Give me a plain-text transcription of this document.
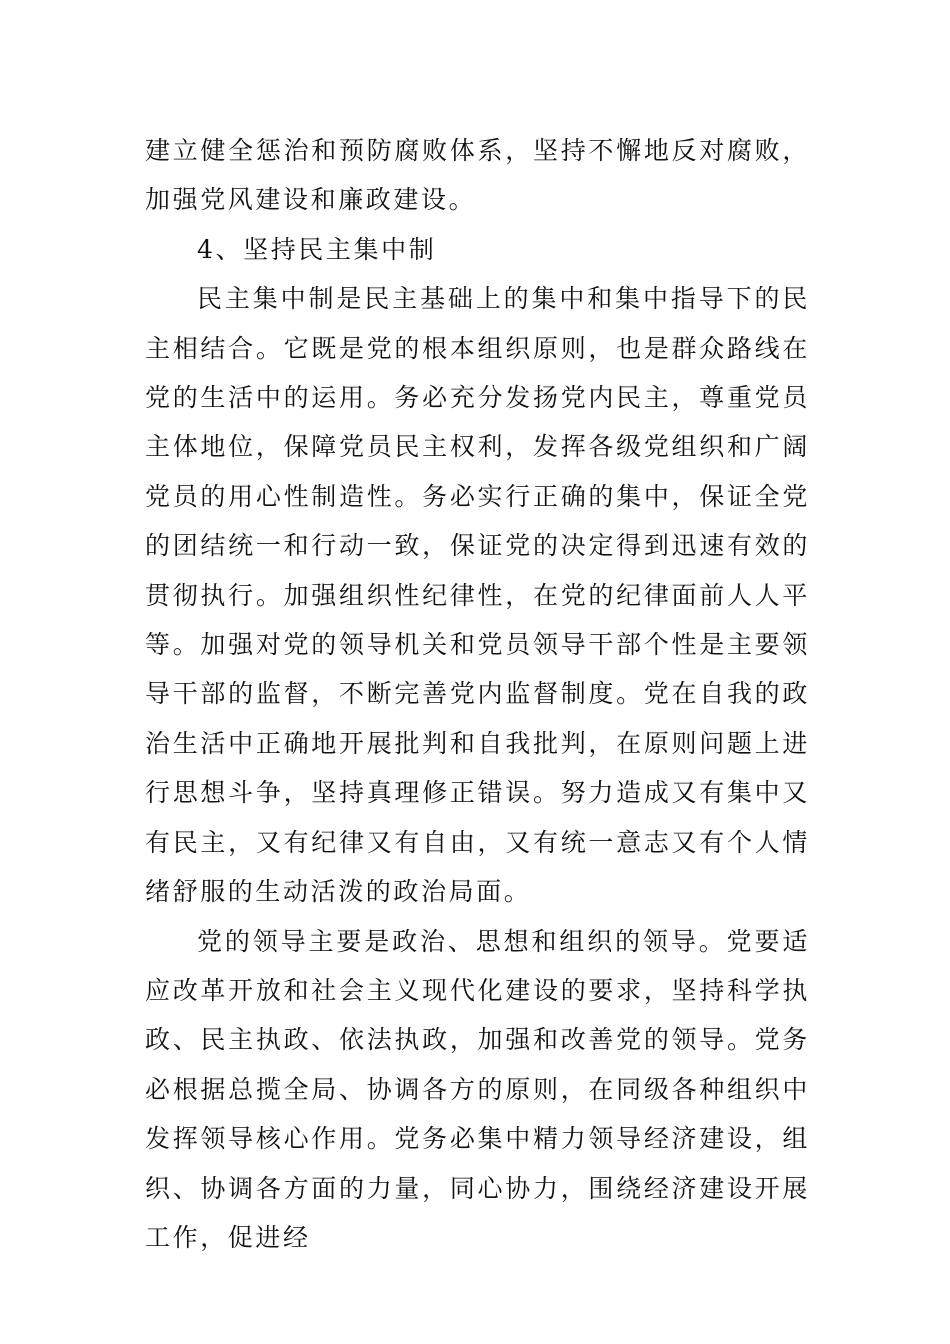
建立健全惩治和预防腐败体系，坚持不懈地反对腐败，加强党风建设和廉政建设。

4、坚持民主集中制

民主集中制是民主基础上的集中和集中指导下的民主相结合。它既是党的根本组织原则，也是群众路线在党的生活中的运用。务必充分发扬党内民主，尊重党员主体地位，保障党员民主权利，发挥各级党组织和广阔党员的用心性制造性。务必实行正确的集中，保证全党的团结统一和行动一致，保证党的决定得到迅速有效的贯彻执行。加强组织性纪律性，在党的纪律面前人人平等。加强对党的领导机关和党员领导干部个性是主要领导干部的监督，不断完善党内监督制度。党在自我的政治生活中正确地开展批判和自我批判，在原则问题上进行思想斗争，坚持真理修正错误。努力造成又有集中又有民主，又有纪律又有自由，又有统一意志又有个人情绪舒服的生动活泼的政治局面。

党的领导主要是政治、思想和组织的领导。党要适应改革开放和社会主义现代化建设的要求，坚持科学执政、民主执政、依法执政，加强和改善党的领导。党务必根据总揽全局、协调各方的原则，在同级各种组织中发挥领导核心作用。党务必集中精力领导经济建设，组织、协调各方面的力量，同心协力，围绕经济建设开展工作，促进经
